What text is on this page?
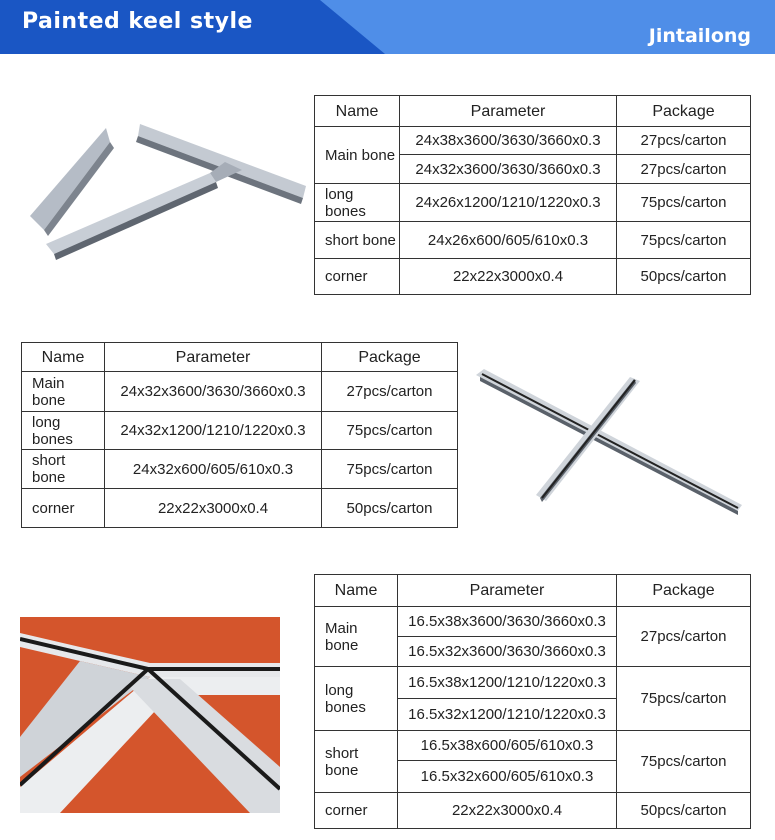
Painted keel style
Jintailong
Name	Parameter	Package
Main bone	24x38x3600/3630/3660x0.3	27pcs/carton
	24x32x3600/3630/3660x0.3	27pcs/carton
long bones	24x26x1200/1210/1220x0.3	75pcs/carton
short bone	24x26x600/605/610x0.3	75pcs/carton
corner	22x22x3000x0.4	50pcs/carton
Name	Parameter	Package
Main bone	24x32x3600/3630/3660x0.3	27pcs/carton
long bones	24x32x1200/1210/1220x0.3	75pcs/carton
short bone	24x32x600/605/610x0.3	75pcs/carton
corner	22x22x3000x0.4	50pcs/carton
Name	Parameter	Package
Main bone	16.5x38x3600/3630/3660x0.3	27pcs/carton
	16.5x32x3600/3630/3660x0.3	
long bones	16.5x38x1200/1210/1220x0.3	75pcs/carton
	16.5x32x1200/1210/1220x0.3	
short bone	16.5x38x600/605/610x0.3	75pcs/carton
	16.5x32x600/605/610x0.3	
corner	22x22x3000x0.4	50pcs/carton
